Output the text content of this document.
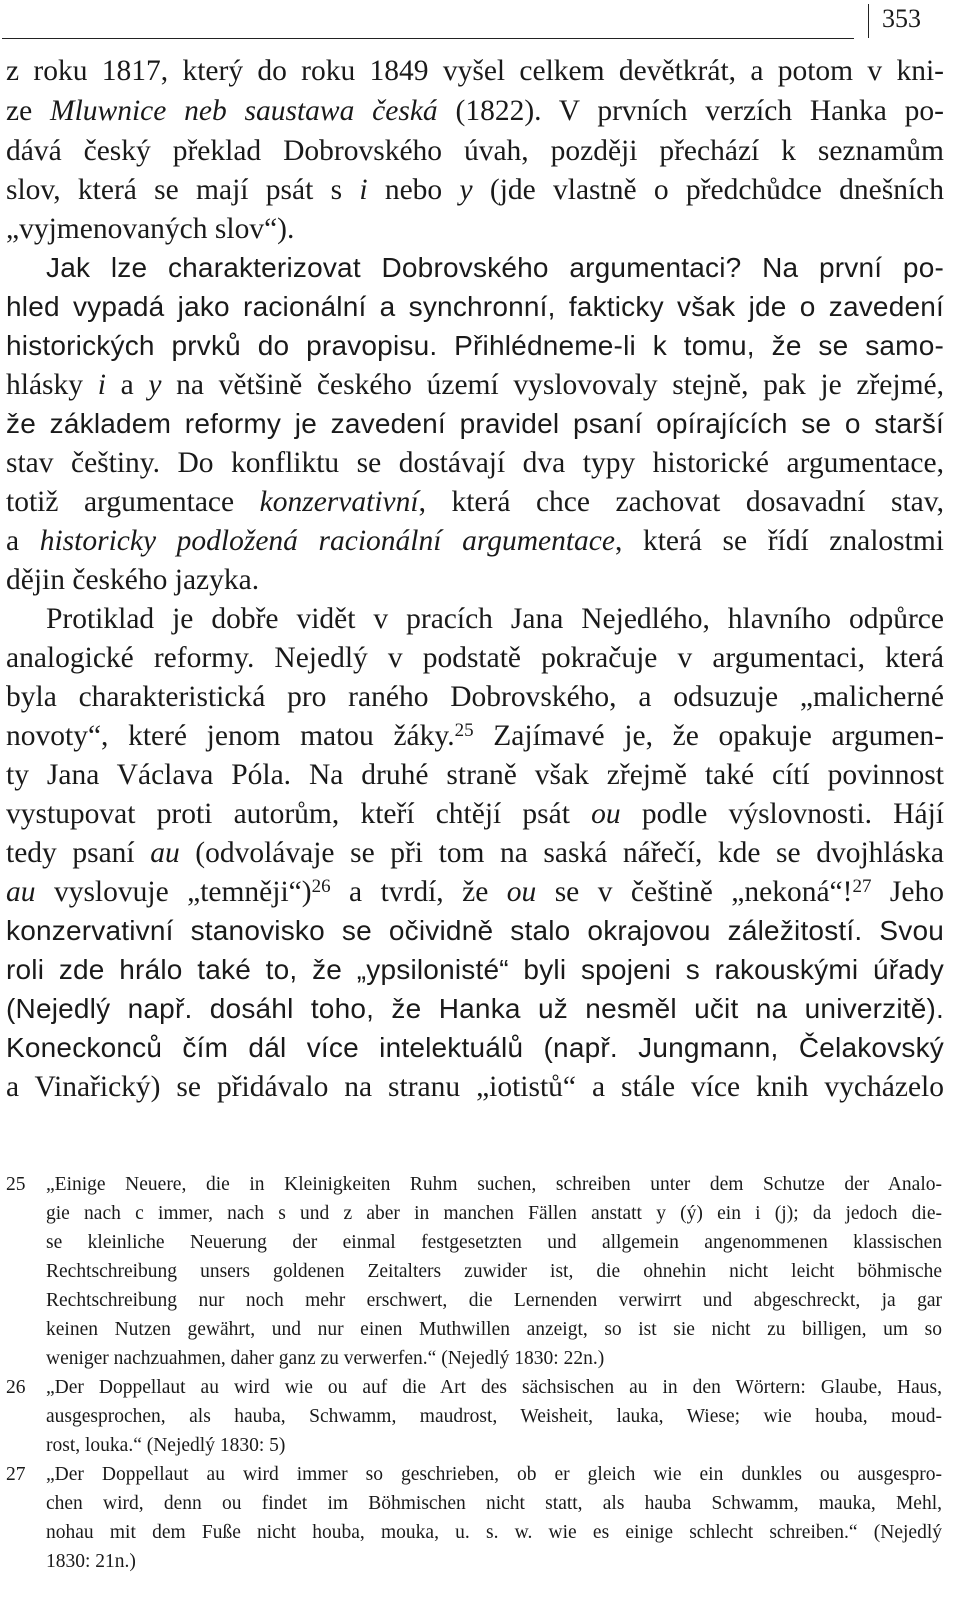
353
z roku 1817, který do roku 1849 vyšel celkem devětkrát, a potom v kni-
ze Mluwnice neb saustawa česká (1822). V prvních verzích Hanka po-
dává český překlad Dobrovského úvah, později přechází k seznamům
slov, která se mají psát s i nebo y (jde vlastně o předchůdce dnešních
„vyjmenovaných slov“).
Jak lze charakterizovat Dobrovského argumentaci? Na první po-
hled vypadá jako racionální a synchronní, fakticky však jde o zavedení
historických prvků do pravopisu. Přihlédneme-li k tomu, že se samo-
hlásky i a y na většině českého území vyslovovaly stejně, pak je zřejmé,
že základem reformy je zavedení pravidel psaní opírajících se o starší
stav češtiny. Do konfliktu se dostávají dva typy historické argumentace,
totiž argumentace konzervativní, která chce zachovat dosavadní stav,
a historicky podložená racionální argumentace, která se řídí znalostmi
dějin českého jazyka.
Protiklad je dobře vidět v pracích Jana Nejedlého, hlavního odpůrce
analogické reformy. Nejedlý v podstatě pokračuje v argumentaci, která
byla charakteristická pro raného Dobrovského, a odsuzuje „malicherné
novoty“, které jenom matou žáky.$^{25}$ Zajímavé je, že opakuje argumen-
ty Jana Václava Póla. Na druhé straně však zřejmě také cítí povinnost
vystupovat proti autorům, kteří chtějí psát ou podle výslovnosti. Hájí
tedy psaní au (odvolávaje se při tom na saská nářečí, kde se dvojhláska
au vyslovuje „temněji“)$^{26}$ a tvrdí, že ou se v češtině „nekoná“!$^{27}$ Jeho
konzervativní stanovisko se očividně stalo okrajovou záležitostí. Svou
roli zde hrálo také to, že „ypsilonisté“ byli spojeni s rakouskými úřady
(Nejedlý např. dosáhl toho, že Hanka už nesměl učit na univerzitě).
Koneckonců čím dál více intelektuálů (např. Jungmann, Čelakovský
a Vinařický) se přidávalo na stranu „iotistů“ a stále více knih vycházelo
25	„Einige Neuere, die in Kleinigkeiten Ruhm suchen, schreiben unter dem Schutze der Analo-
gie nach c immer, nach s und z aber in manchen Fällen anstatt y (ý) ein i (j); da jedoch die-
se kleinliche Neuerung der einmal festgesetzten und allgemein angenommenen klassischen
Rechtschreibung unsers goldenen Zeitalters zuwider ist, die ohnehin nicht leicht böhmische
Rechtschreibung nur noch mehr erschwert, die Lernenden verwirrt und abgeschreckt, ja gar
keinen Nutzen gewährt, und nur einen Muthwillen anzeigt, so ist sie nicht zu billigen, um so
weniger nachzuahmen, daher ganz zu verwerfen.“ (Nejedlý 1830: 22n.)
26	„Der Doppellaut au wird wie ou auf die Art des sächsischen au in den Wörtern: Glaube, Haus,
ausgesprochen, als hauba, Schwamm, maudrost, Weisheit, lauka, Wiese; wie houba, moud-
rost, louka.“ (Nejedlý 1830: 5)
27	„Der Doppellaut au wird immer so geschrieben, ob er gleich wie ein dunkles ou ausgespro-
chen wird, denn ou findet im Böhmischen nicht statt, als hauba Schwamm, mauka, Mehl,
nohau mit dem Fuße nicht houba, mouka, u. s. w. wie es einige schlecht schreiben.“ (Nejedlý
1830: 21n.)
